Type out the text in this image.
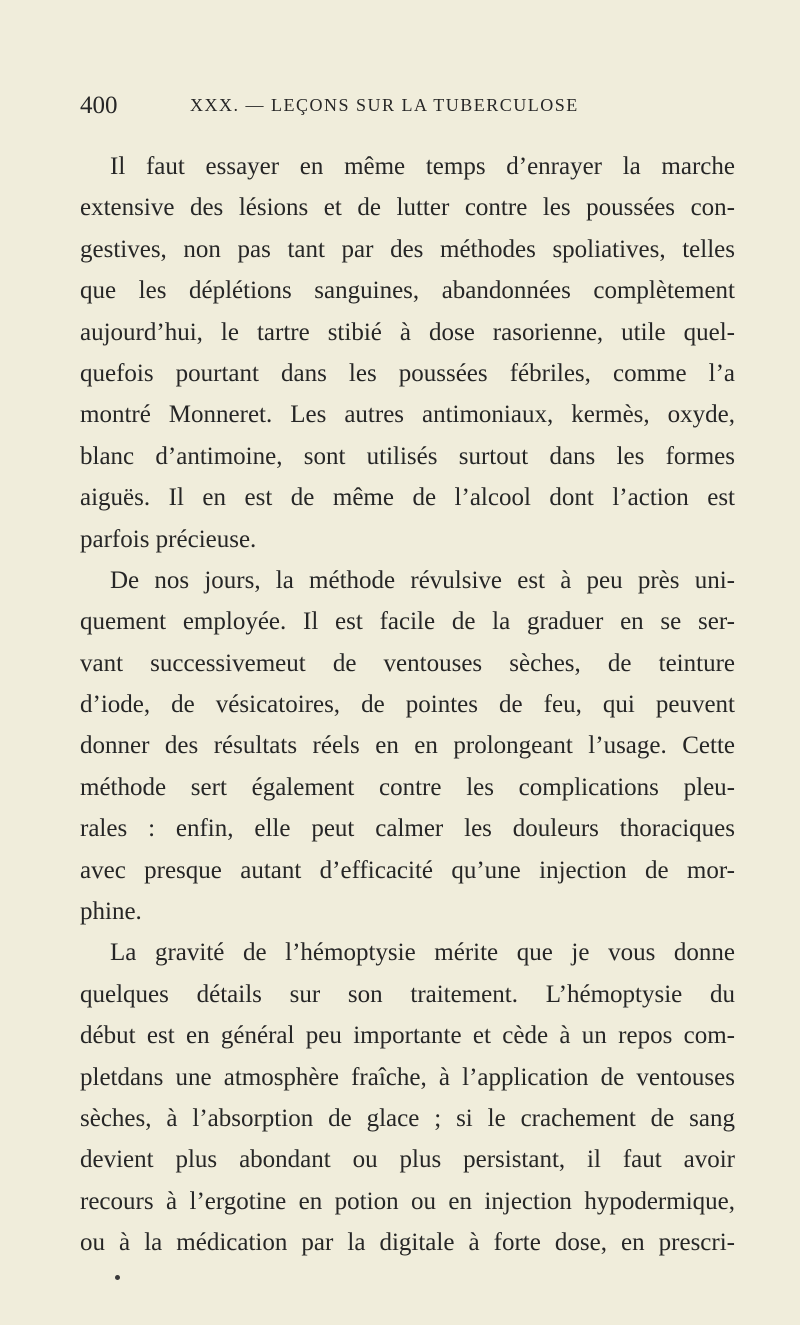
400	XXX. — LEÇONS SUR LA TUBERCULOSE
Il faut essayer en même temps d’enrayer la marche
extensive des lésions et de lutter contre les poussées con-
gestives, non pas tant par des méthodes spoliatives, telles
que les déplétions sanguines, abandonnées complètement
aujourd’hui, le tartre stibié à dose rasorienne, utile quel-
quefois pourtant dans les poussées fébriles, comme l’a
montré Monneret. Les autres antimoniaux, kermès, oxyde,
blanc d’antimoine, sont utilisés surtout dans les formes
aiguës. Il en est de même de l’alcool dont l’action est
parfois précieuse.
De nos jours, la méthode révulsive est à peu près uni-
quement employée. Il est facile de la graduer en se ser-
vant successivemeut de ventouses sèches, de teinture
d’iode, de vésicatoires, de pointes de feu, qui peuvent
donner des résultats réels en en prolongeant l’usage. Cette
méthode sert également contre les complications pleu-
rales : enfin, elle peut calmer les douleurs thoraciques
avec presque autant d’efficacité qu’une injection de mor-
phine.
La gravité de l’hémoptysie mérite que je vous donne
quelques détails sur son traitement. L’hémoptysie du
début est en général peu importante et cède à un repos com-
pletdans une atmosphère fraîche, à l’application de ventouses
sèches, à l’absorption de glace ; si le crachement de sang
devient plus abondant ou plus persistant, il faut avoir
recours à l’ergotine en potion ou en injection hypodermique,
ou à la médication par la digitale à forte dose, en prescri-
